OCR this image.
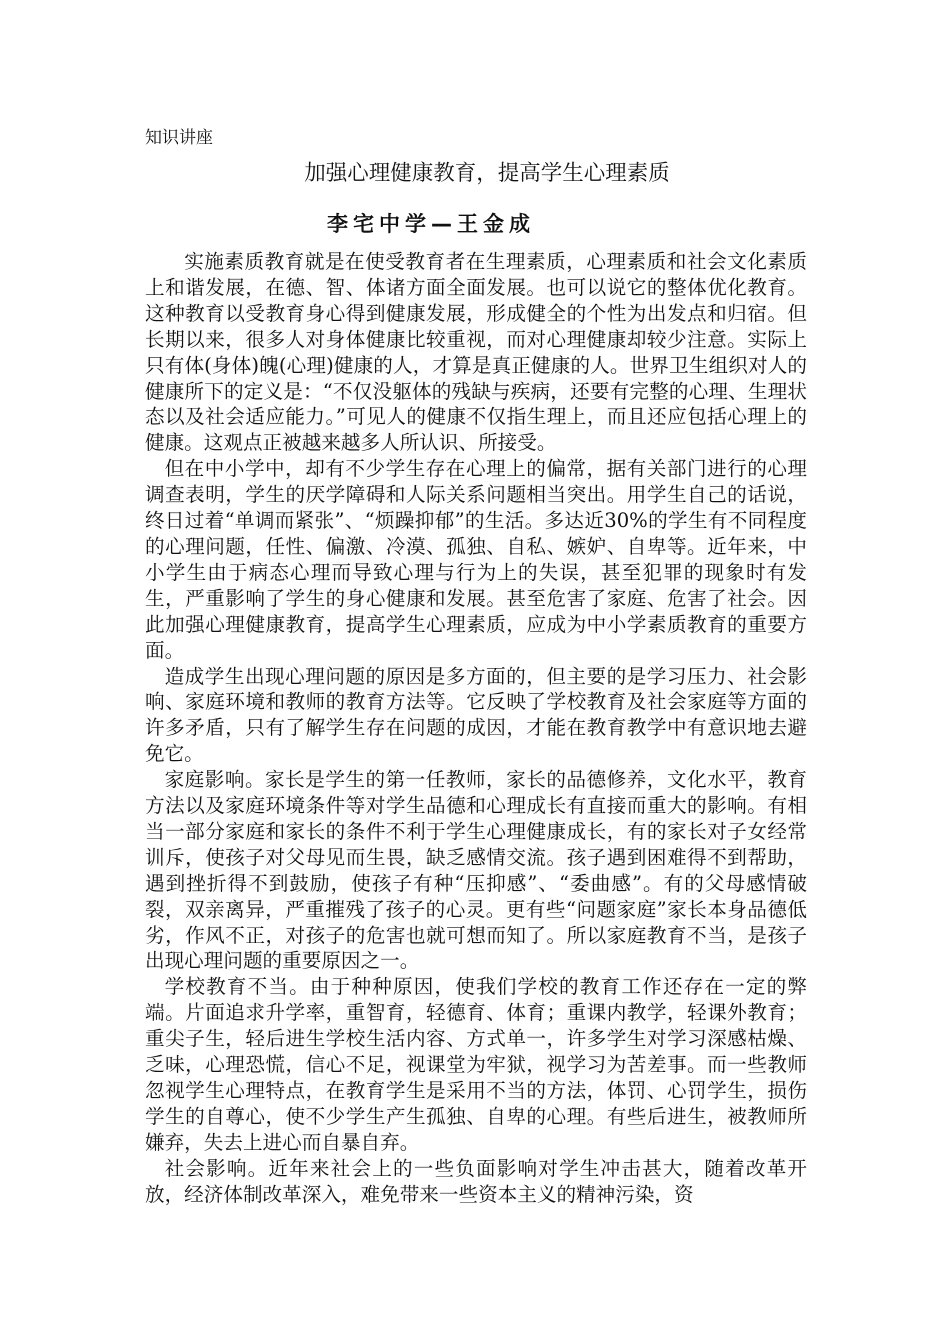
知识讲座
加强心理健康教育，提高学生心理素质
李宅中学—王金成

实施素质教育就是在使受教育者在生理素质，心理素质和社会文化素质上和谐发展，在德、智、体诸方面全面发展。也可以说它的整体优化教育。这种教育以受教育身心得到健康发展，形成健全的个性为出发点和归宿。但长期以来，很多人对身体健康比较重视，而对心理健康却较少注意。实际上只有体(身体)魄(心理)健康的人，才算是真正健康的人。世界卫生组织对人的健康所下的定义是：“不仅没躯体的残缺与疾病，还要有完整的心理、生理状态以及社会适应能力。”可见人的健康不仅指生理上，而且还应包括心理上的健康。这观点正被越来越多人所认识、所接受。

但在中小学中，却有不少学生存在心理上的偏常，据有关部门进行的心理调查表明，学生的厌学障碍和人际关系问题相当突出。用学生自己的话说，终日过着“单调而紧张”、“烦躁抑郁”的生活。多达近30%的学生有不同程度的心理问题，任性、偏激、冷漠、孤独、自私、嫉妒、自卑等。近年来，中小学生由于病态心理而导致心理与行为上的失误，甚至犯罪的现象时有发生，严重影响了学生的身心健康和发展。甚至危害了家庭、危害了社会。因此加强心理健康教育，提高学生心理素质，应成为中小学素质教育的重要方面。

造成学生出现心理问题的原因是多方面的，但主要的是学习压力、社会影响、家庭环境和教师的教育方法等。它反映了学校教育及社会家庭等方面的许多矛盾，只有了解学生存在问题的成因，才能在教育教学中有意识地去避免它。

家庭影响。家长是学生的第一任教师，家长的品德修养，文化水平，教育方法以及家庭环境条件等对学生品德和心理成长有直接而重大的影响。有相当一部分家庭和家长的条件不利于学生心理健康成长，有的家长对子女经常训斥，使孩子对父母见而生畏，缺乏感情交流。孩子遇到困难得不到帮助，遇到挫折得不到鼓励，使孩子有种“压抑感”、“委曲感”。有的父母感情破裂，双亲离异，严重摧残了孩子的心灵。更有些“问题家庭”家长本身品德低劣，作风不正，对孩子的危害也就可想而知了。所以家庭教育不当，是孩子出现心理问题的重要原因之一。

学校教育不当。由于种种原因，使我们学校的教育工作还存在一定的弊端。片面追求升学率，重智育，轻德育、体育；重课内教学，轻课外教育；重尖子生，轻后进生学校生活内容、方式单一，许多学生对学习深感枯燥、乏味，心理恐慌，信心不足，视课堂为牢狱，视学习为苦差事。而一些教师忽视学生心理特点，在教育学生是采用不当的方法，体罚、心罚学生，损伤学生的自尊心，使不少学生产生孤独、自卑的心理。有些后进生，被教师所嫌弃，失去上进心而自暴自弃。

社会影响。近年来社会上的一些负面影响对学生冲击甚大，随着改革开放，经济体制改革深入，难免带来一些资本主义的精神污染，资
